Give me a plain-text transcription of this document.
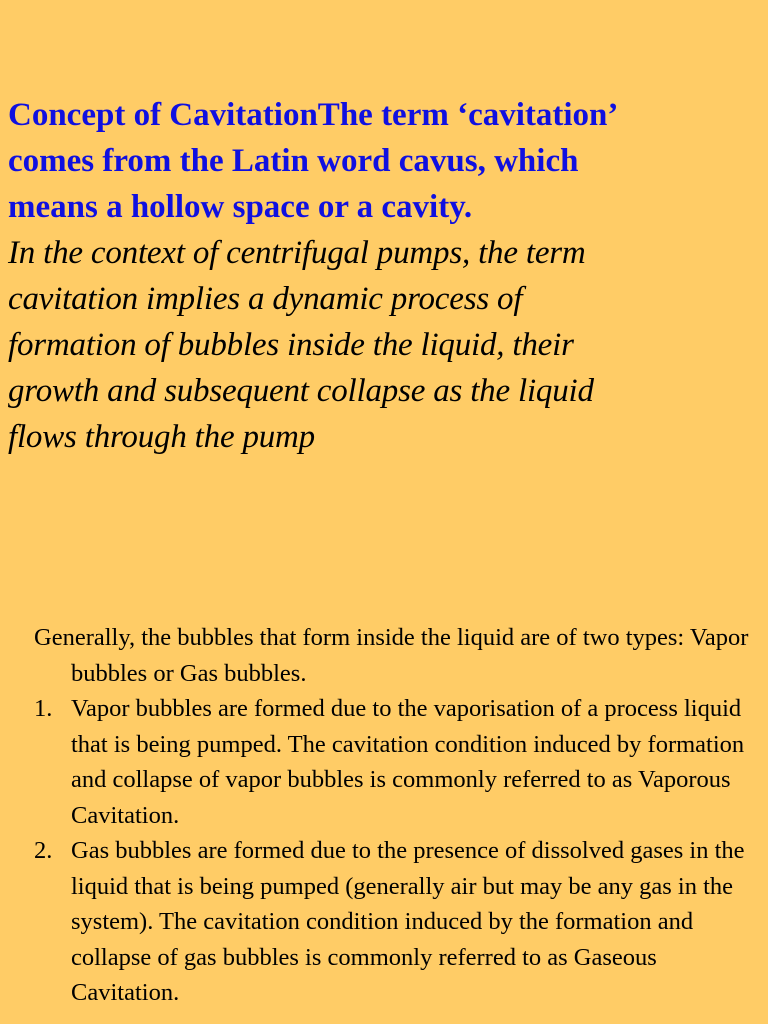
Concept of CavitationThe term ‘cavitation’
comes from the Latin word cavus, which
means a hollow space or a cavity.
In the context of centrifugal pumps, the term
cavitation implies a dynamic process of
formation of bubbles inside the liquid, their
growth and subsequent collapse as the liquid
flows through the pump
Generally, the bubbles that form inside the liquid are of two types: Vapor bubbles or Gas bubbles.
1. Vapor bubbles are formed due to the vaporisation of a process liquid that is being pumped. The cavitation condition induced by formation and collapse of vapor bubbles is commonly referred to as Vaporous Cavitation.
2. Gas bubbles are formed due to the presence of dissolved gases in the liquid that is being pumped (generally air but may be any gas in the system). The cavitation condition induced by the formation and collapse of gas bubbles is commonly referred to as Gaseous Cavitation.
